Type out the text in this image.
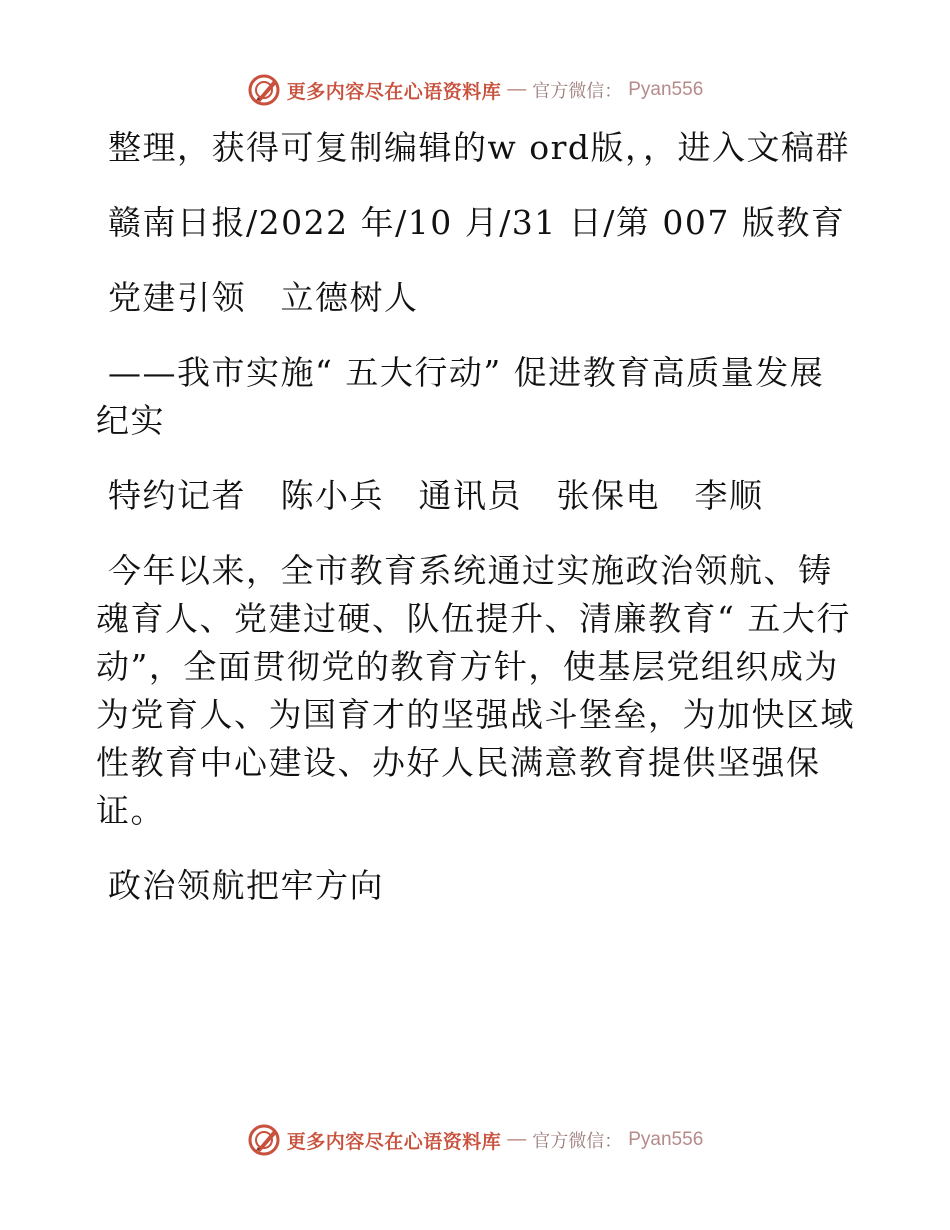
更多内容尽在心语资料库 — 官方微信： Pyan556

整理，获得可复制编辑的w ord版，，进入文稿群

赣南日报/2022 年/10 月/31 日/第 007 版教育

党建引领　立德树人

——我市实施“ 五大行动” 促进教育高质量发展纪实

特约记者　陈小兵　通讯员　张保电　李顺

今年以来，全市教育系统通过实施政治领航、铸魂育人、党建过硬、队伍提升、清廉教育“ 五大行动”，全面贯彻党的教育方针，使基层党组织成为为党育人、为国育才的坚强战斗堡垒，为加快区域性教育中心建设、办好人民满意教育提供坚强保证。

政治领航把牢方向

更多内容尽在心语资料库 — 官方微信： Pyan556
